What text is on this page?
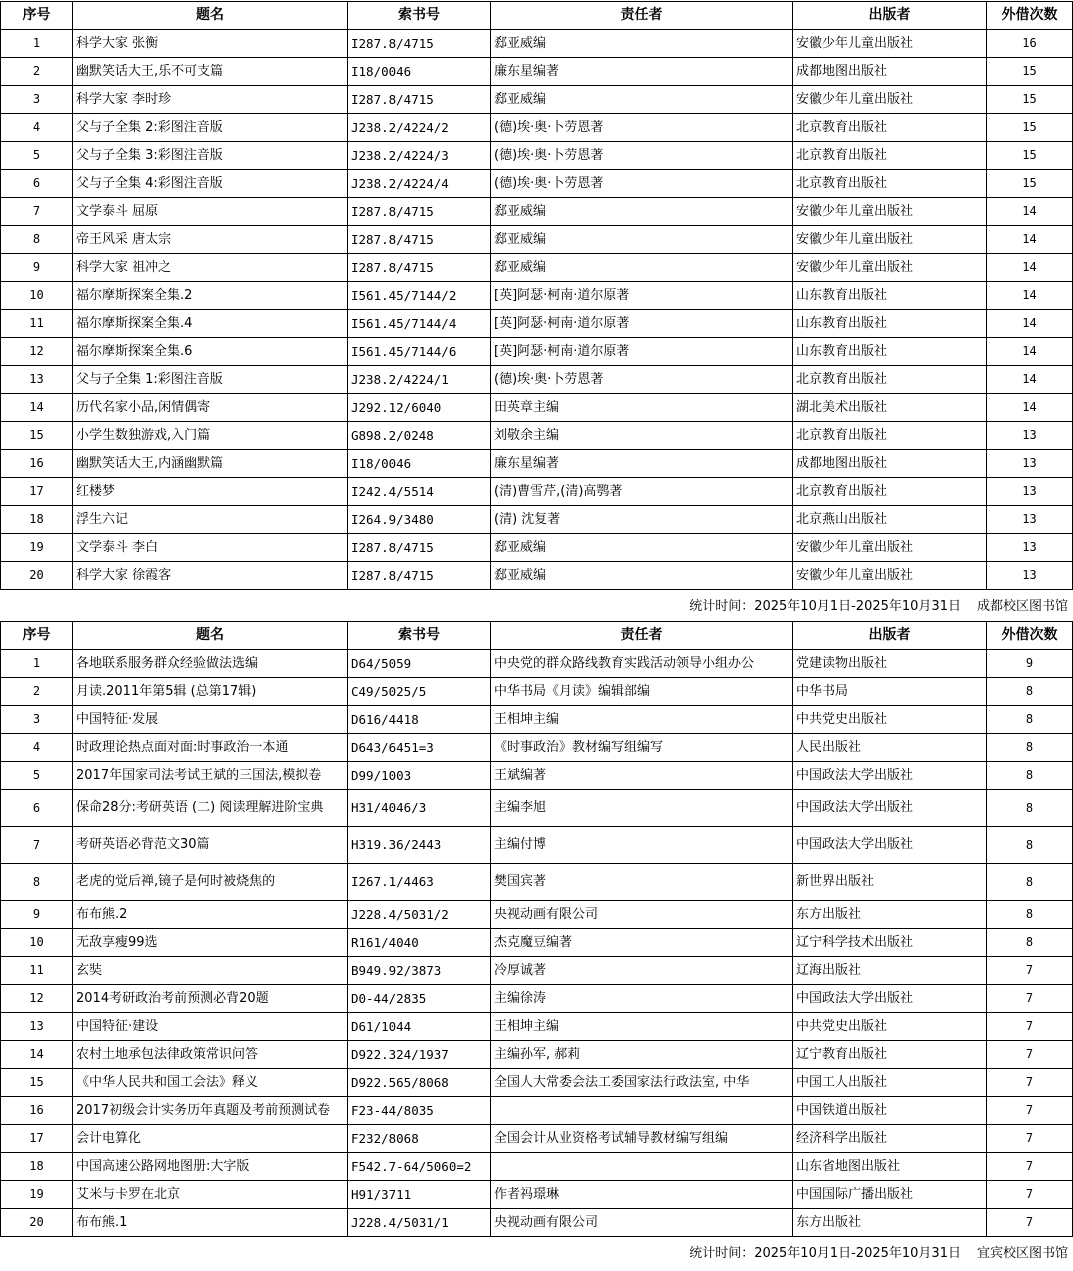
序号	题名	索书号	责任者	出版者	外借次数
1	科学大家 张衡	I287.8/4715	郄亚威编	安徽少年儿童出版社	16
2	幽默笑话大王,乐不可支篇	I18/0046	廉东星编著	成都地图出版社	15
3	科学大家 李时珍	I287.8/4715	郄亚威编	安徽少年儿童出版社	15
4	父与子全集 2:彩图注音版	J238.2/4224/2	(德)埃·奥·卜劳恩著	北京教育出版社	15
5	父与子全集 3:彩图注音版	J238.2/4224/3	(德)埃·奥·卜劳恩著	北京教育出版社	15
6	父与子全集 4:彩图注音版	J238.2/4224/4	(德)埃·奥·卜劳恩著	北京教育出版社	15
7	文学泰斗 屈原	I287.8/4715	郄亚威编	安徽少年儿童出版社	14
8	帝王风采 唐太宗	I287.8/4715	郄亚威编	安徽少年儿童出版社	14
9	科学大家 祖冲之	I287.8/4715	郄亚威编	安徽少年儿童出版社	14
10	福尔摩斯探案全集.2	I561.45/7144/2	[英]阿瑟·柯南·道尔原著	山东教育出版社	14
11	福尔摩斯探案全集.4	I561.45/7144/4	[英]阿瑟·柯南·道尔原著	山东教育出版社	14
12	福尔摩斯探案全集.6	I561.45/7144/6	[英]阿瑟·柯南·道尔原著	山东教育出版社	14
13	父与子全集 1:彩图注音版	J238.2/4224/1	(德)埃·奥·卜劳恩著	北京教育出版社	14
14	历代名家小品,闲情偶寄	J292.12/6040	田英章主编	湖北美术出版社	14
15	小学生数独游戏,入门篇	G898.2/0248	刘敬余主编	北京教育出版社	13
16	幽默笑话大王,内涵幽默篇	I18/0046	廉东星编著	成都地图出版社	13
17	红楼梦	I242.4/5514	(清)曹雪芹,(清)高鹗著	北京教育出版社	13
18	浮生六记	I264.9/3480	(清) 沈复著	北京燕山出版社	13
19	文学泰斗 李白	I287.8/4715	郄亚威编	安徽少年儿童出版社	13
20	科学大家 徐霞客	I287.8/4715	郄亚威编	安徽少年儿童出版社	13
统计时间：2025年10月1日-2025年10月31日 成都校区图书馆
序号	题名	索书号	责任者	出版者	外借次数
1	各地联系服务群众经验做法选编	D64/5059	中央党的群众路线教育实践活动领导小组办公	党建读物出版社	9
2	月读.2011年第5辑 (总第17辑)	C49/5025/5	中华书局《月读》编辑部编	中华书局	8
3	中国特征·发展	D616/4418	王相坤主编	中共党史出版社	8
4	时政理论热点面对面:时事政治一本通	D643/6451=3	《时事政治》教材编写组编写	人民出版社	8
5	2017年国家司法考试王斌的三国法,模拟卷	D99/1003	王斌编著	中国政法大学出版社	8
6	保命28分:考研英语 (二) 阅读理解进阶宝典	H31/4046/3	主编李旭	中国政法大学出版社	8
7	考研英语必背范文30篇	H319.36/2443	主编付博	中国政法大学出版社	8
8	老虎的觉后禅,镜子是何时被烧焦的	I267.1/4463	樊国宾著	新世界出版社	8
9	布布熊.2	J228.4/5031/2	央视动画有限公司	东方出版社	8
10	无敌享瘦99选	R161/4040	杰克魔豆编著	辽宁科学技术出版社	8
11	玄奘	B949.92/3873	冷厚诚著	辽海出版社	7
12	2014考研政治考前预测必背20题	D0-44/2835	主编徐涛	中国政法大学出版社	7
13	中国特征·建设	D61/1044	王相坤主编	中共党史出版社	7
14	农村土地承包法律政策常识问答	D922.324/1937	主编孙军, 郝莉	辽宁教育出版社	7
15	《中华人民共和国工会法》释义	D922.565/8068	全国人大常委会法工委国家法行政法室, 中华	中国工人出版社	7
16	2017初级会计实务历年真题及考前预测试卷	F23-44/8035		中国铁道出版社	7
17	会计电算化	F232/8068	全国会计从业资格考试辅导教材编写组编	经济科学出版社	7
18	中国高速公路网地图册:大字版	F542.7-64/5060=2		山东省地图出版社	7
19	艾米与卡罗在北京	H91/3711	作者祃璟琳	中国国际广播出版社	7
20	布布熊.1	J228.4/5031/1	央视动画有限公司	东方出版社	7
统计时间：2025年10月1日-2025年10月31日 宜宾校区图书馆
